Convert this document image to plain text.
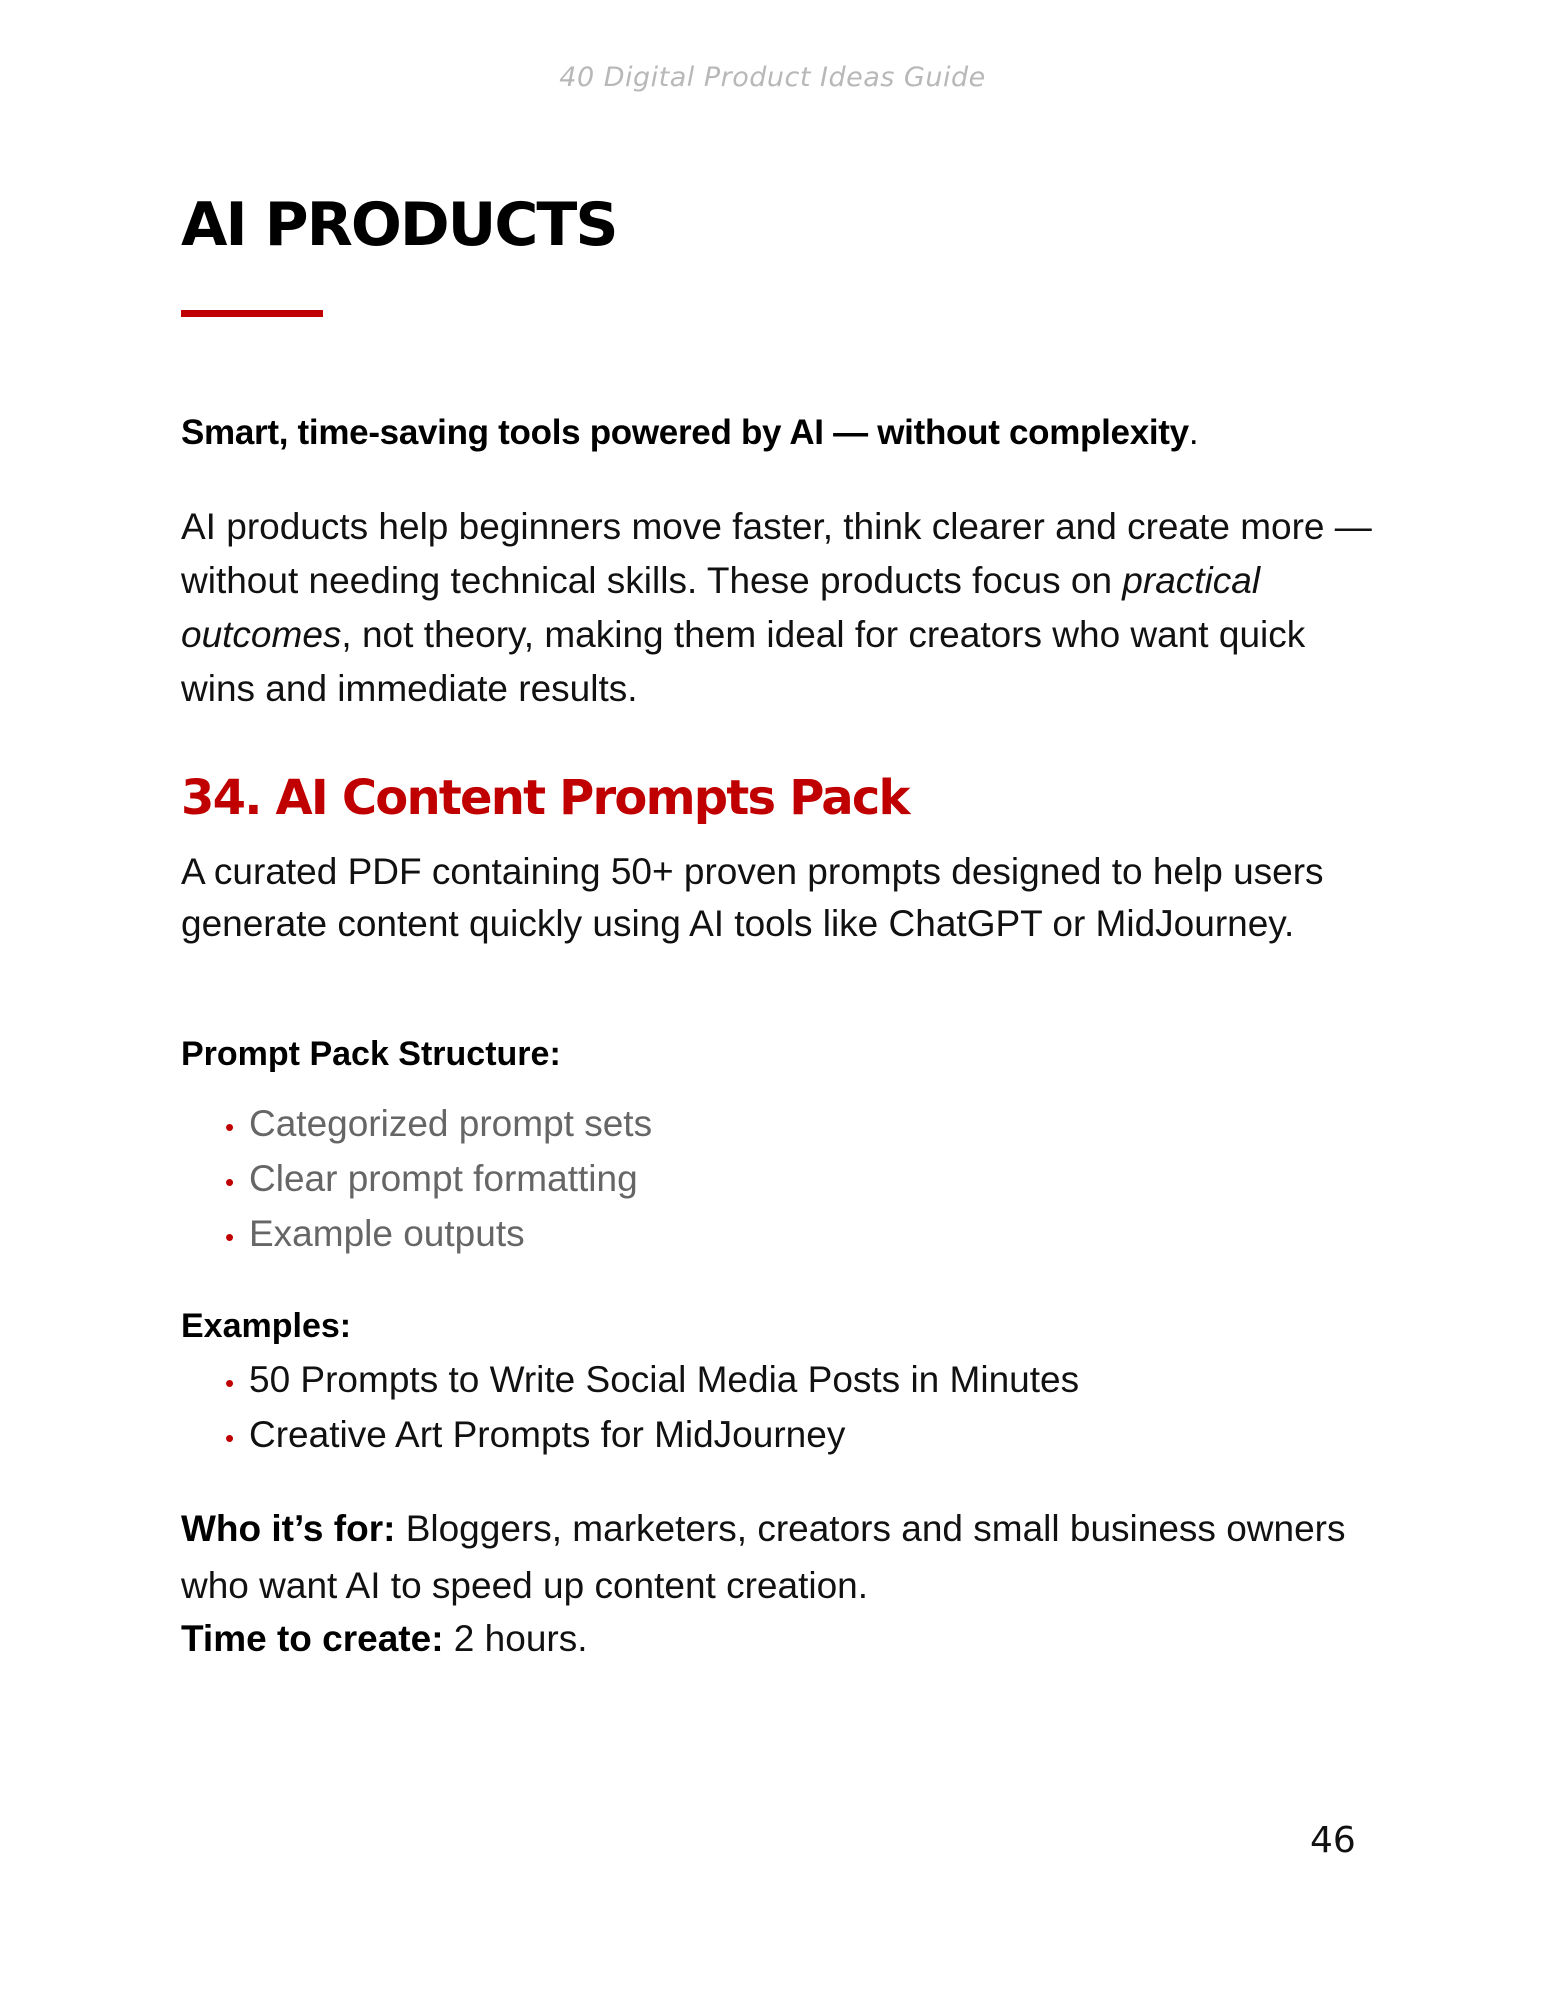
40 Digital Product Ideas Guide
AI PRODUCTS
Smart, time-saving tools powered by AI — without complexity.

AI products help beginners move faster, think clearer and create more — without needing technical skills. These products focus on practical outcomes, not theory, making them ideal for creators who want quick wins and immediate results.

34. AI Content Prompts Pack

A curated PDF containing 50+ proven prompts designed to help users generate content quickly using AI tools like ChatGPT or MidJourney.

Prompt Pack Structure:
• Categorized prompt sets
• Clear prompt formatting
• Example outputs
Examples:
• 50 Prompts to Write Social Media Posts in Minutes
• Creative Art Prompts for MidJourney

Who it’s for: Bloggers, marketers, creators and small business owners who want AI to speed up content creation.

Time to create: 2 hours.

46
